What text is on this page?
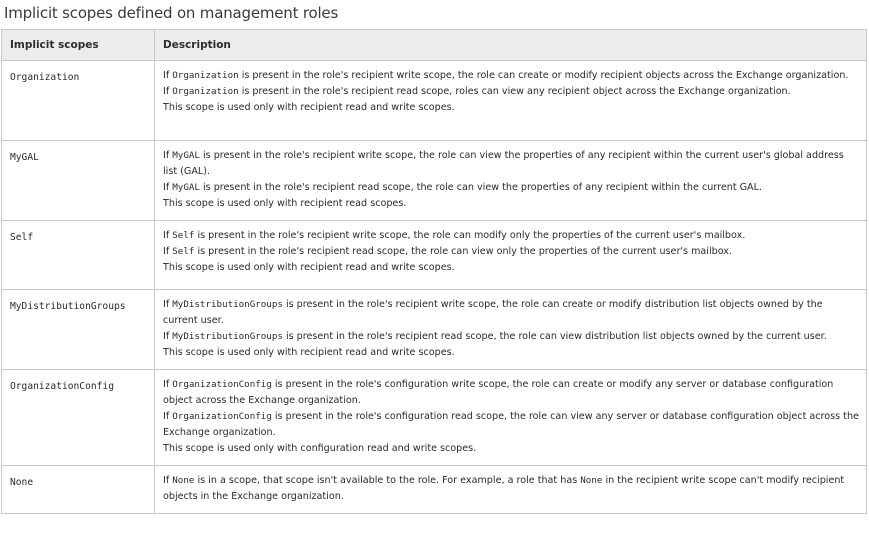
Implicit scopes defined on management roles
Implicit scopes	Description
Organization	If Organization is present in the role's recipient write scope, the role can create or modify recipient objects across the Exchange organization.

If Organization is present in the role's recipient read scope, roles can view any recipient object across the Exchange organization.

This scope is used only with recipient read and write scopes.

MyGAL	If MyGAL is present in the role's recipient write scope, the role can view the properties of any recipient within the current user's global address list (GAL).

If MyGAL is present in the role's recipient read scope, the role can view the properties of any recipient within the current GAL.

This scope is used only with recipient read scopes.

Self	If Self is present in the role's recipient write scope, the role can modify only the properties of the current user's mailbox.

If Self is present in the role's recipient read scope, the role can view only the properties of the current user's mailbox.

This scope is used only with recipient read and write scopes.

MyDistributionGroups	If MyDistributionGroups is present in the role's recipient write scope, the role can create or modify distribution list objects owned by the current user.

If MyDistributionGroups is present in the role's recipient read scope, the role can view distribution list objects owned by the current user.

This scope is used only with recipient read and write scopes.

OrganizationConfig	If OrganizationConfig is present in the role's configuration write scope, the role can create or modify any server or database configuration object across the Exchange organization.

If OrganizationConfig is present in the role's configuration read scope, the role can view any server or database configuration object across the Exchange organization.

This scope is used only with configuration read and write scopes.

None	If None is in a scope, that scope isn't available to the role. For example, a role that has None in the recipient write scope can't modify recipient objects in the Exchange organization.
